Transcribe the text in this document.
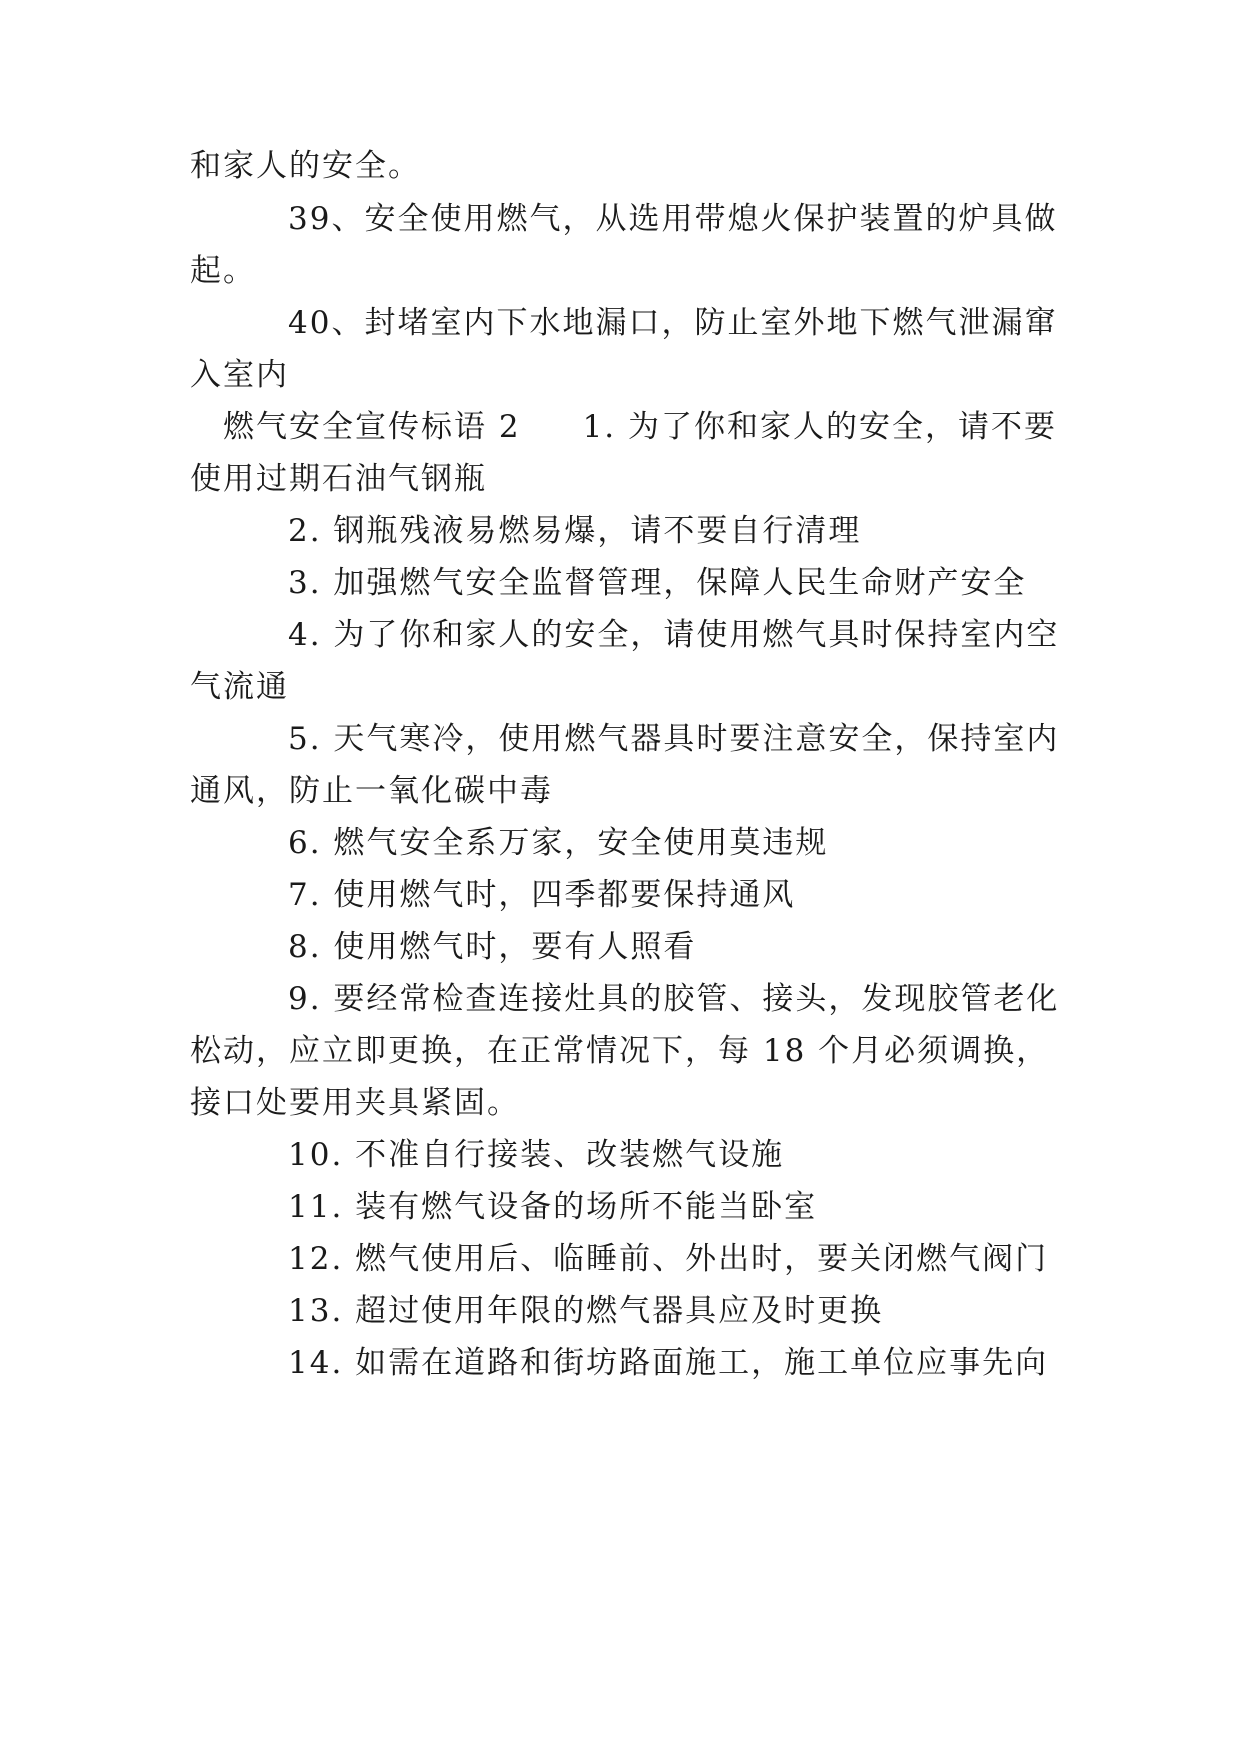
和家人的安全。
39、安全使用燃气，从选用带熄火保护装置的炉具做
起。
40、封堵室内下水地漏口，防止室外地下燃气泄漏窜
入室内
燃气安全宣传标语 2 1. 为了你和家人的安全，请不要
使用过期石油气钢瓶
2. 钢瓶残液易燃易爆，请不要自行清理
3. 加强燃气安全监督管理，保障人民生命财产安全
4. 为了你和家人的安全，请使用燃气具时保持室内空
气流通
5. 天气寒冷，使用燃气器具时要注意安全，保持室内
通风，防止一氧化碳中毒
6. 燃气安全系万家，安全使用莫违规
7. 使用燃气时，四季都要保持通风
8. 使用燃气时，要有人照看
9. 要经常检查连接灶具的胶管、接头，发现胶管老化
松动，应立即更换，在正常情况下，每 18 个月必须调换，
接口处要用夹具紧固。
10. 不准自行接装、改装燃气设施
11. 装有燃气设备的场所不能当卧室
12. 燃气使用后、临睡前、外出时，要关闭燃气阀门
13. 超过使用年限的燃气器具应及时更换
14. 如需在道路和街坊路面施工，施工单位应事先向
